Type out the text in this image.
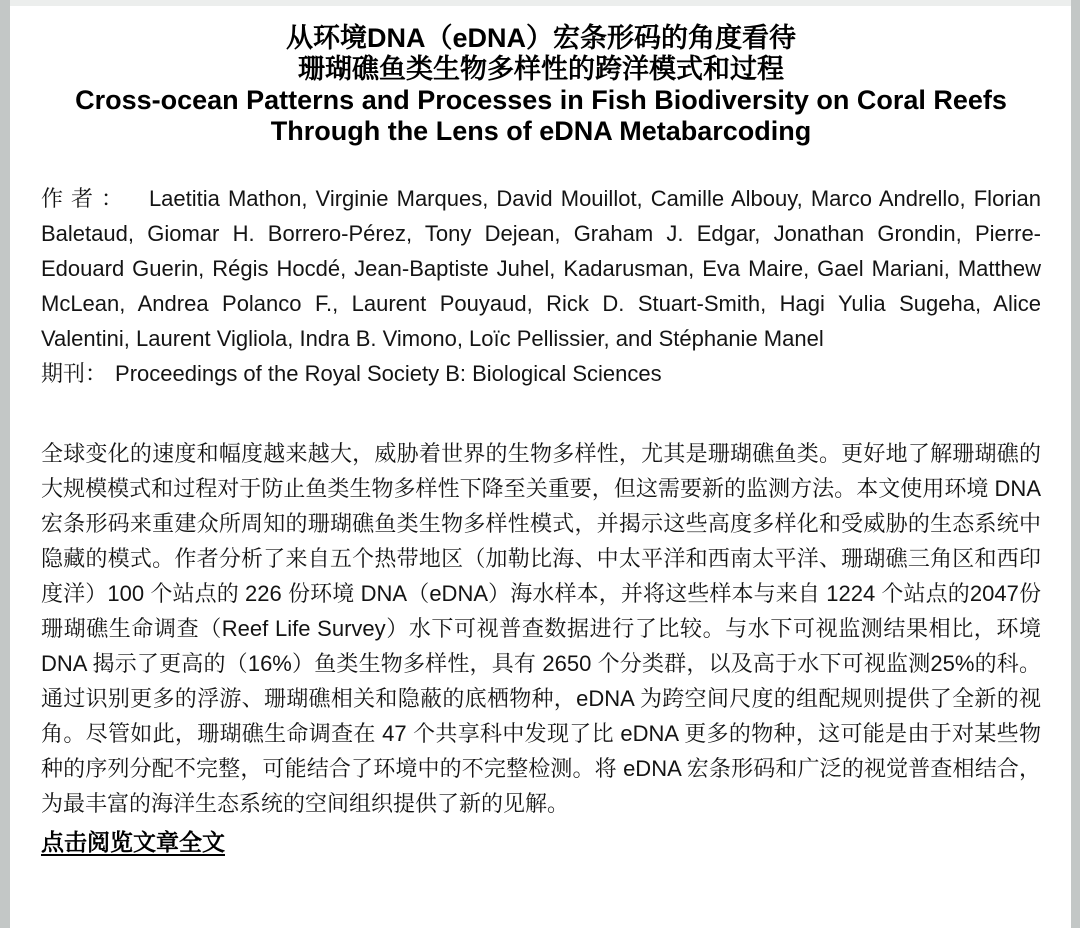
从环境DNA（eDNA）宏条形码的角度看待
珊瑚礁鱼类生物多样性的跨洋模式和过程
Cross-ocean Patterns and Processes in Fish Biodiversity on Coral Reefs
Through the Lens of eDNA Metabarcoding

作者： Laetitia Mathon, Virginie Marques, David Mouillot, Camille Albouy, Marco Andrello, Florian Baletaud, Giomar H. Borrero-Pérez, Tony Dejean, Graham J. Edgar, Jonathan Grondin, Pierre-Edouard Guerin, Régis Hocdé, Jean-Baptiste Juhel, Kadarusman, Eva Maire, Gael Mariani, Matthew McLean, Andrea Polanco F., Laurent Pouyaud, Rick D. Stuart-Smith, Hagi Yulia Sugeha, Alice Valentini, Laurent Vigliola, Indra B. Vimono, Loïc Pellissier, and Stéphanie Manel

期刊： Proceedings of the Royal Society B: Biological Sciences

全球变化的速度和幅度越来越大，威胁着世界的生物多样性，尤其是珊瑚礁鱼类。更好地了解珊瑚礁的大规模模式和过程对于防止鱼类生物多样性下降至关重要，但这需要新的监测方法。本文使用环境 DNA 宏条形码来重建众所周知的珊瑚礁鱼类生物多样性模式，并揭示这些高度多样化和受威胁的生态系统中隐藏的模式。作者分析了来自五个热带地区（加勒比海、中太平洋和西南太平洋、珊瑚礁三角区和西印度洋）100 个站点的 226 份环境 DNA（eDNA）海水样本，并将这些样本与来自 1224 个站点的2047份珊瑚礁生命调查（Reef Life Survey）水下可视普查数据进行了比较。与水下可视监测结果相比，环境 DNA 揭示了更高的（16%）鱼类生物多样性，具有 2650 个分类群，以及高于水下可视监测25%的科。通过识别更多的浮游、珊瑚礁相关和隐蔽的底栖物种，eDNA 为跨空间尺度的组配规则提供了全新的视角。尽管如此，珊瑚礁生命调查在 47 个共享科中发现了比 eDNA 更多的物种，这可能是由于对某些物种的序列分配不完整，可能结合了环境中的不完整检测。将 eDNA 宏条形码和广泛的视觉普查相结合，为最丰富的海洋生态系统的空间组织提供了新的见解。

点击阅览文章全文
